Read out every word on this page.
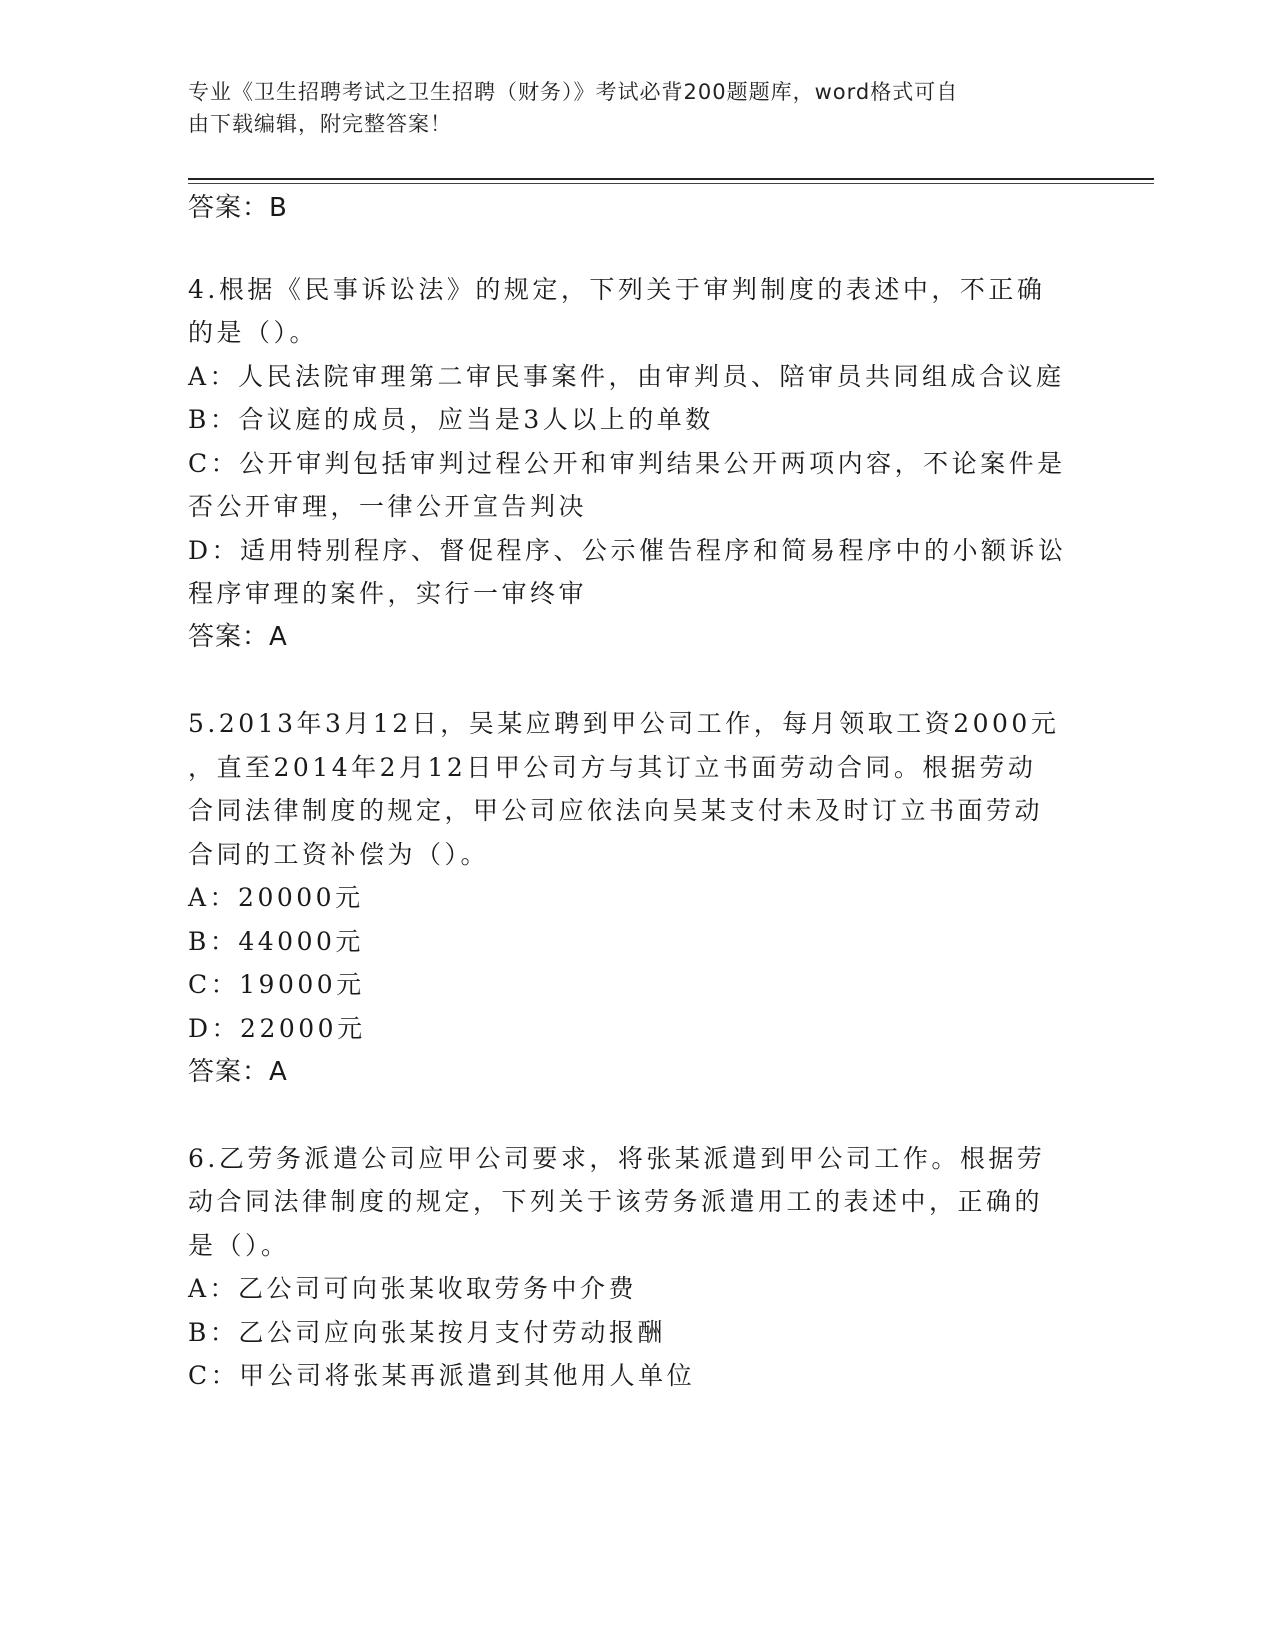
专业《卫生招聘考试之卫生招聘（财务）》考试必背200题题库，word格式可自
由下载编辑，附完整答案！
答案：B
4.根据《民事诉讼法》的规定，下列关于审判制度的表述中，不正确
的是（）。
A：人民法院审理第二审民事案件，由审判员、陪审员共同组成合议庭
B：合议庭的成员，应当是3人以上的单数
C：公开审判包括审判过程公开和审判结果公开两项内容，不论案件是
否公开审理，一律公开宣告判决
D：适用特别程序、督促程序、公示催告程序和简易程序中的小额诉讼
程序审理的案件，实行一审终审
答案：A
5.2013年3月12日，吴某应聘到甲公司工作，每月领取工资2000元
，直至2014年2月12日甲公司方与其订立书面劳动合同。根据劳动
合同法律制度的规定，甲公司应依法向吴某支付未及时订立书面劳动
合同的工资补偿为（）。
A：20000元
B：44000元
C：19000元
D：22000元
答案：A
6.乙劳务派遣公司应甲公司要求，将张某派遣到甲公司工作。根据劳
动合同法律制度的规定，下列关于该劳务派遣用工的表述中，正确的
是（）。
A：乙公司可向张某收取劳务中介费
B：乙公司应向张某按月支付劳动报酬
C：甲公司将张某再派遣到其他用人单位
